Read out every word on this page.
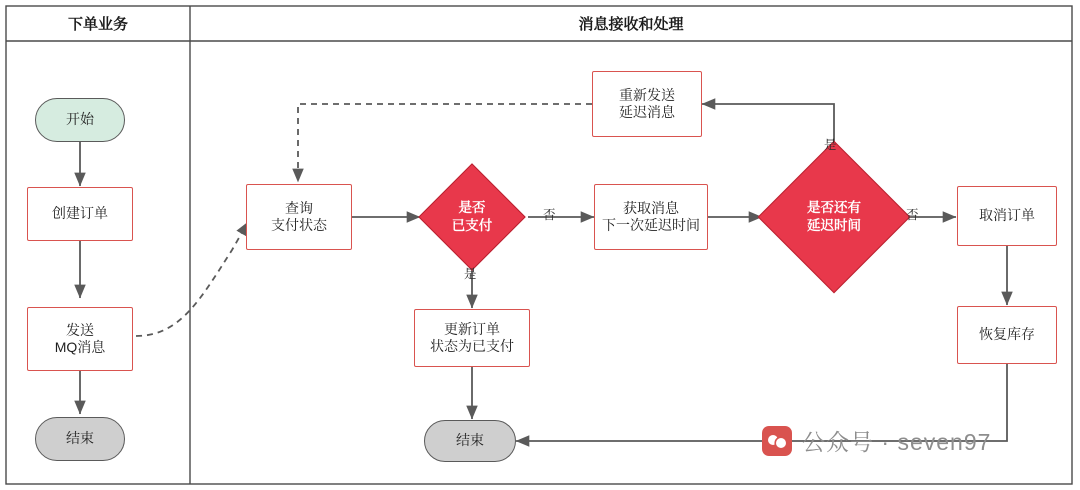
下单业务	消息接收和处理
开始
创建订单
发送
MQ消息
结束
查询
支付状态
重新发送
延迟消息
是否
已支付
更新订单
状态为已支付
获取消息
下一次延迟时间
是否还有
延迟时间
取消订单
恢复库存
结束
否
是
否
是
公众号 · seven97
